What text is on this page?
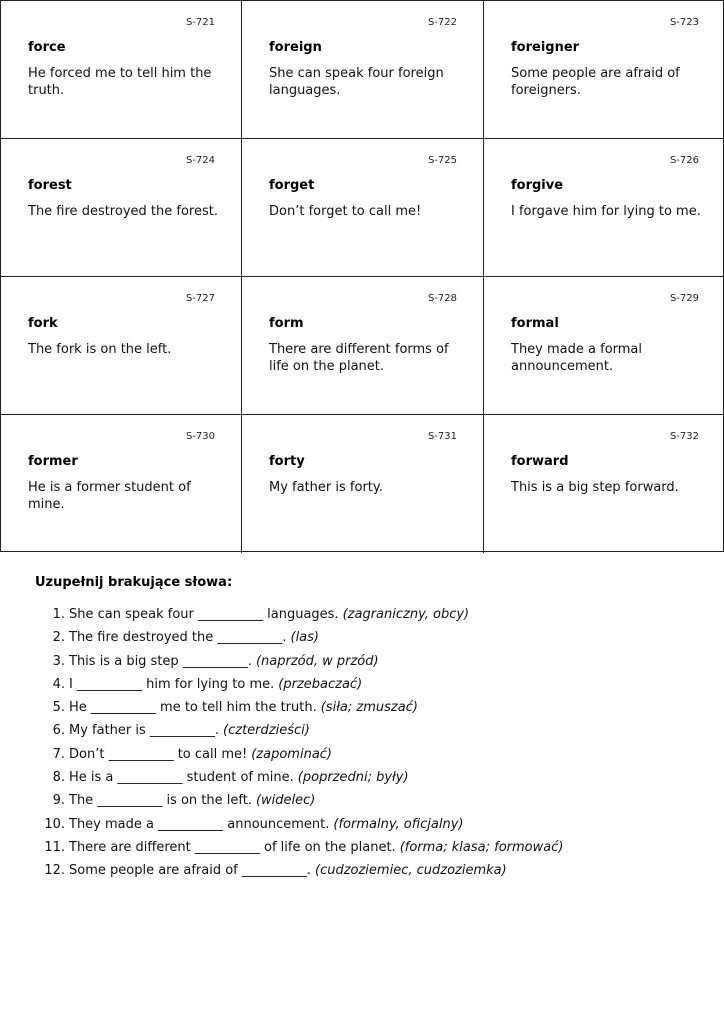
S-721
force
He forced me to tell him the truth.
S-722
foreign
She can speak four foreign languages.
S-723
foreigner
Some people are afraid of foreigners.
S-724
forest
The fire destroyed the forest.
S-725
forget
Don’t forget to call me!
S-726
forgive
I forgave him for lying to me.
S-727
fork
The fork is on the left.
S-728
form
There are different forms of life on the planet.
S-729
formal
They made a formal announcement.
S-730
former
He is a former student of mine.
S-731
forty
My father is forty.
S-732
forward
This is a big step forward.
Uzupełnij brakujące słowa:
1. She can speak four __________ languages. (zagraniczny, obcy)
2. The fire destroyed the __________. (las)
3. This is a big step __________. (naprzód, w przód)
4. I __________ him for lying to me. (przebaczać)
5. He __________ me to tell him the truth. (siła; zmuszać)
6. My father is __________. (czterdzieści)
7. Don’t __________ to call me! (zapominać)
8. He is a __________ student of mine. (poprzedni; były)
9. The __________ is on the left. (widelec)
10. They made a __________ announcement. (formalny, oficjalny)
11. There are different __________ of life on the planet. (forma; klasa; formować)
12. Some people are afraid of __________. (cudzoziemiec, cudzoziemka)
